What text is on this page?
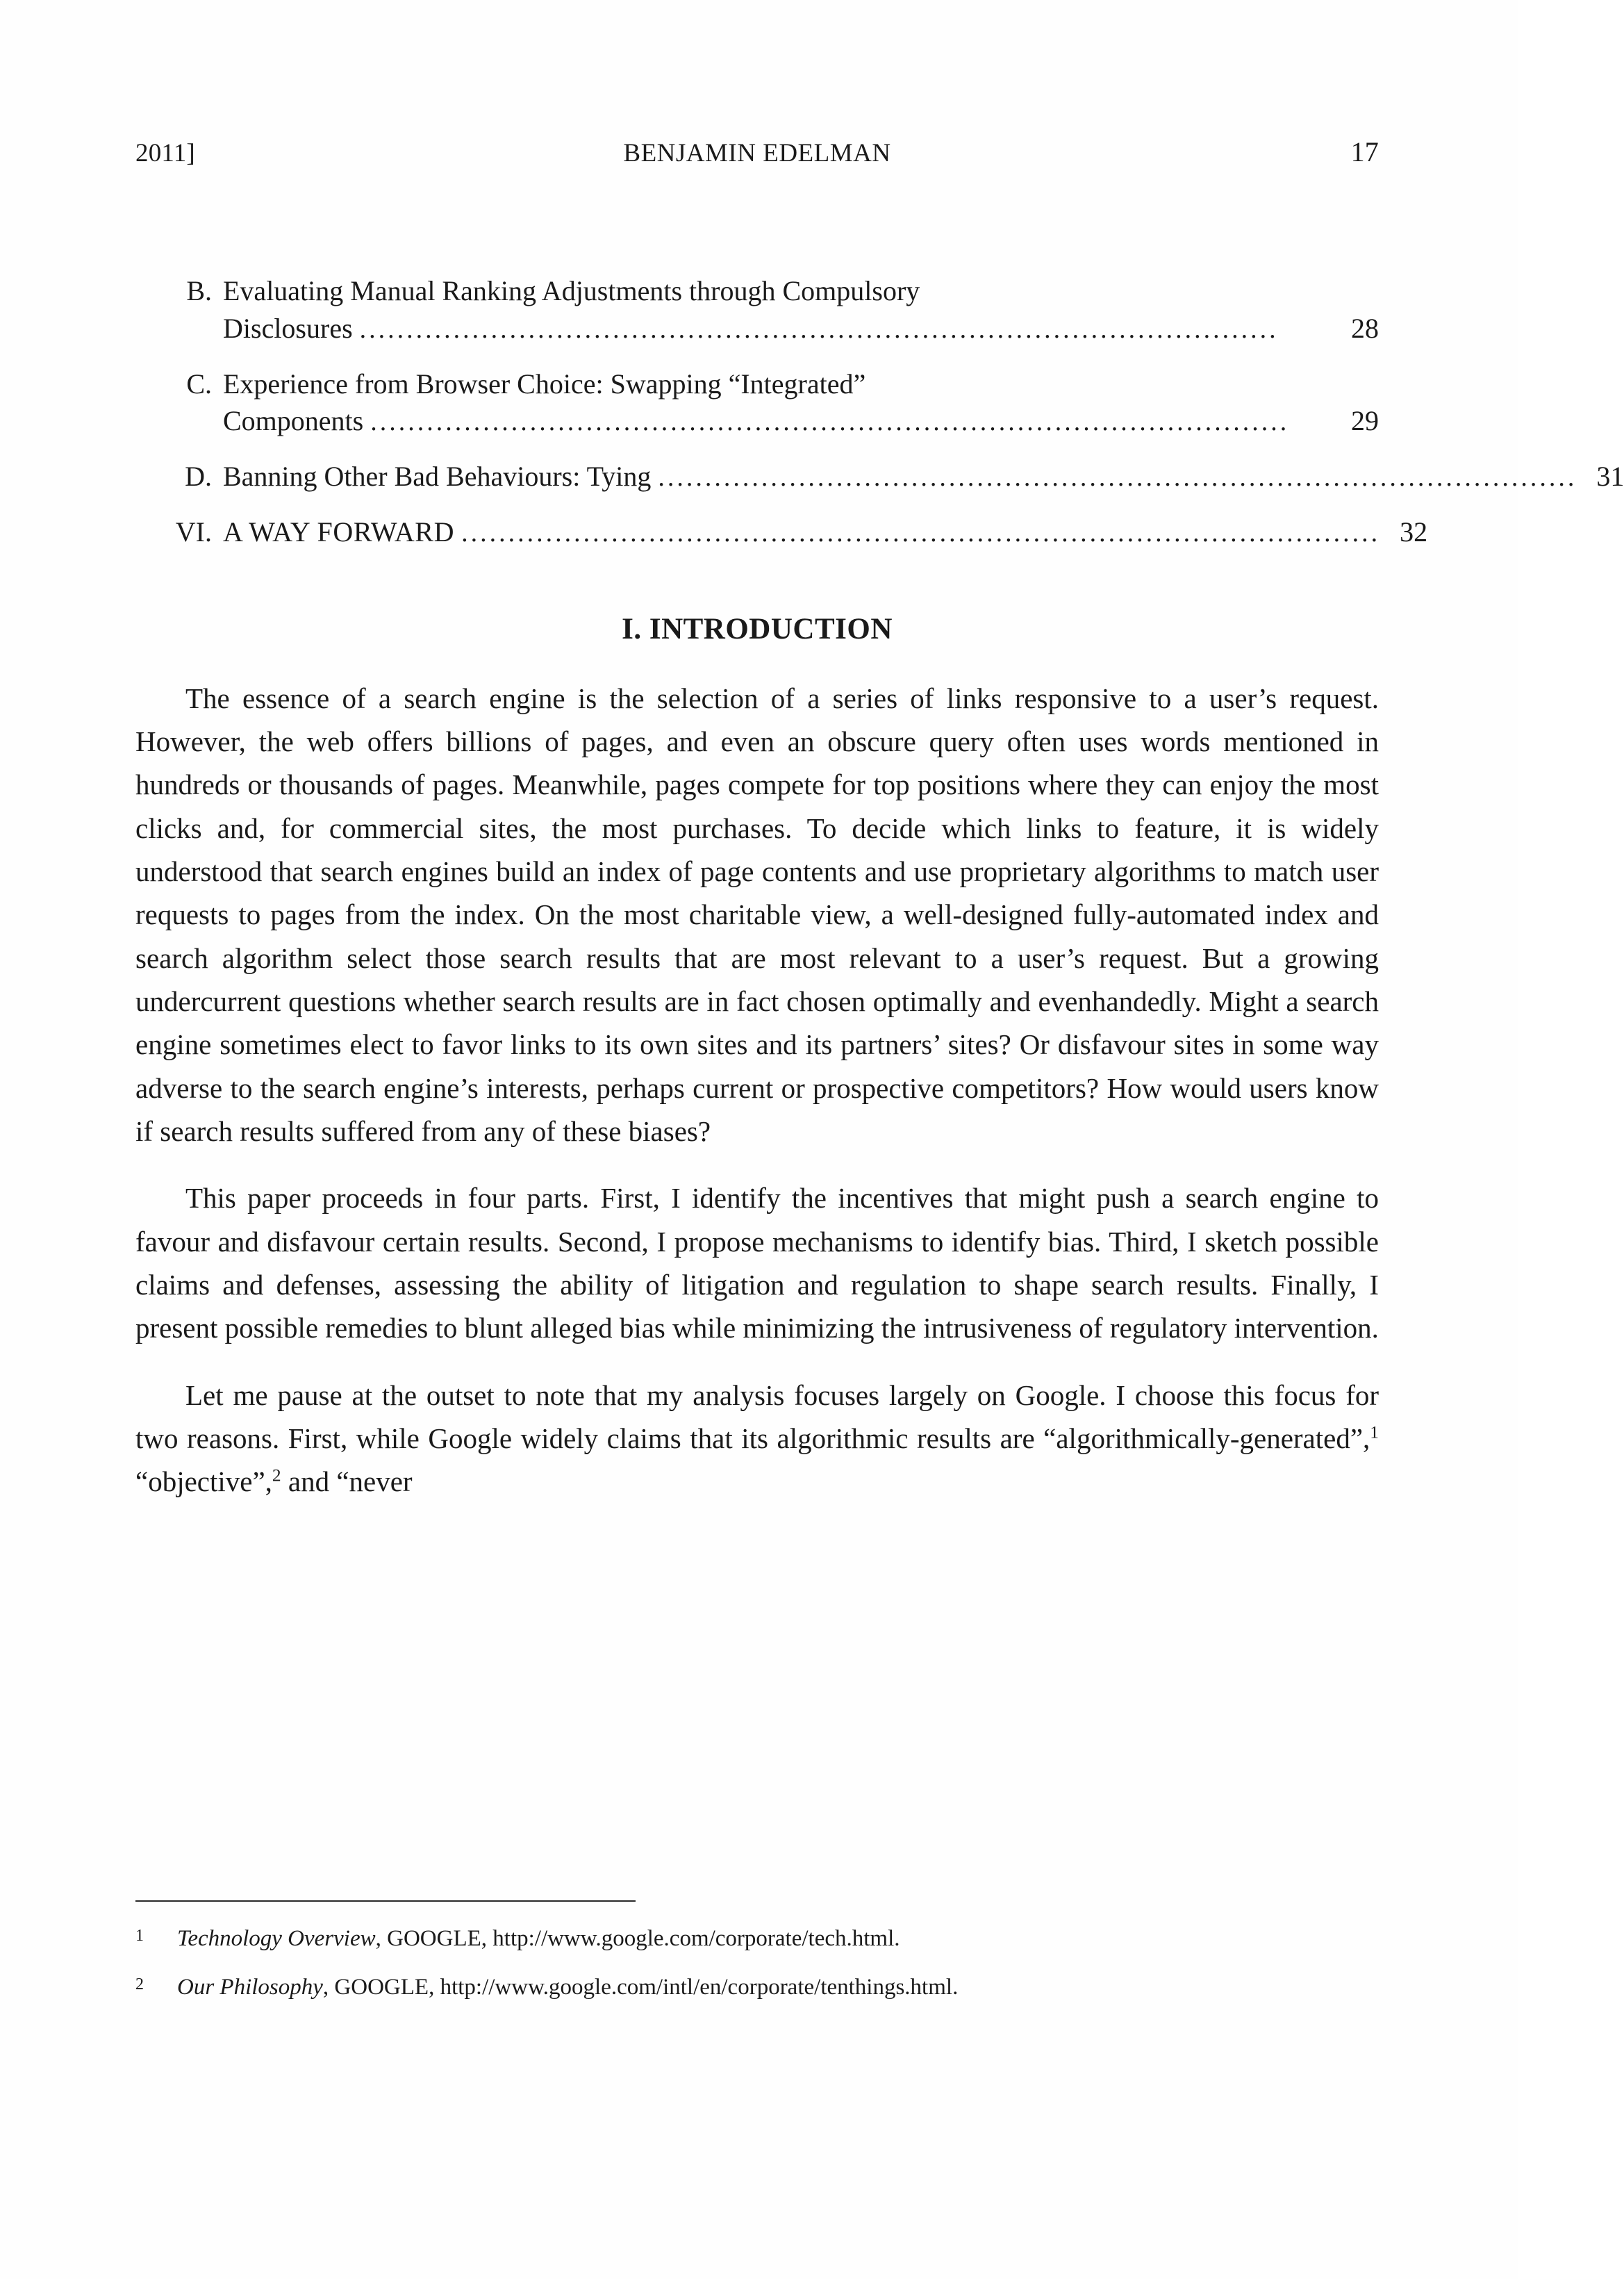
2011]	BENJAMIN EDELMAN	17
B. Evaluating Manual Ranking Adjustments through Compulsory
Disclosures ..................................................................................................	28
C. Experience from Browser Choice: Swapping “Integrated”
Components ..................................................................................................	29
D. Banning Other Bad Behaviours: Tying .................................................................................................. 31
VI. A WAY FORWARD .................................................................................................. 32
I. INTRODUCTION

The essence of a search engine is the selection of a series of links responsive to a user’s request. However, the web offers billions of pages, and even an obscure query often uses words mentioned in hundreds or thousands of pages. Meanwhile, pages compete for top positions where they can enjoy the most clicks and, for commercial sites, the most purchases. To decide which links to feature, it is widely understood that search engines build an index of page contents and use proprietary algorithms to match user requests to pages from the index. On the most charitable view, a well-designed fully-automated index and search algorithm select those search results that are most relevant to a user’s request. But a growing undercurrent questions whether search results are in fact chosen optimally and evenhandedly. Might a search engine sometimes elect to favor links to its own sites and its partners’ sites? Or disfavour sites in some way adverse to the search engine’s interests, perhaps current or prospective competitors? How would users know if search results suffered from any of these biases?

This paper proceeds in four parts. First, I identify the incentives that might push a search engine to favour and disfavour certain results. Second, I propose mechanisms to identify bias. Third, I sketch possible claims and defenses, assessing the ability of litigation and regulation to shape search results. Finally, I present possible remedies to blunt alleged bias while minimizing the intrusiveness of regulatory intervention.

Let me pause at the outset to note that my analysis focuses largely on Google. I choose this focus for two reasons. First, while Google widely claims that its algorithmic results are “algorithmically-generated”,$^1$ “objective”,$^2$ and “never

1	Technology Overview, GOOGLE, http://www.google.com/corporate/tech.html.
2	Our Philosophy, GOOGLE, http://www.google.com/intl/en/corporate/tenthings.html.
